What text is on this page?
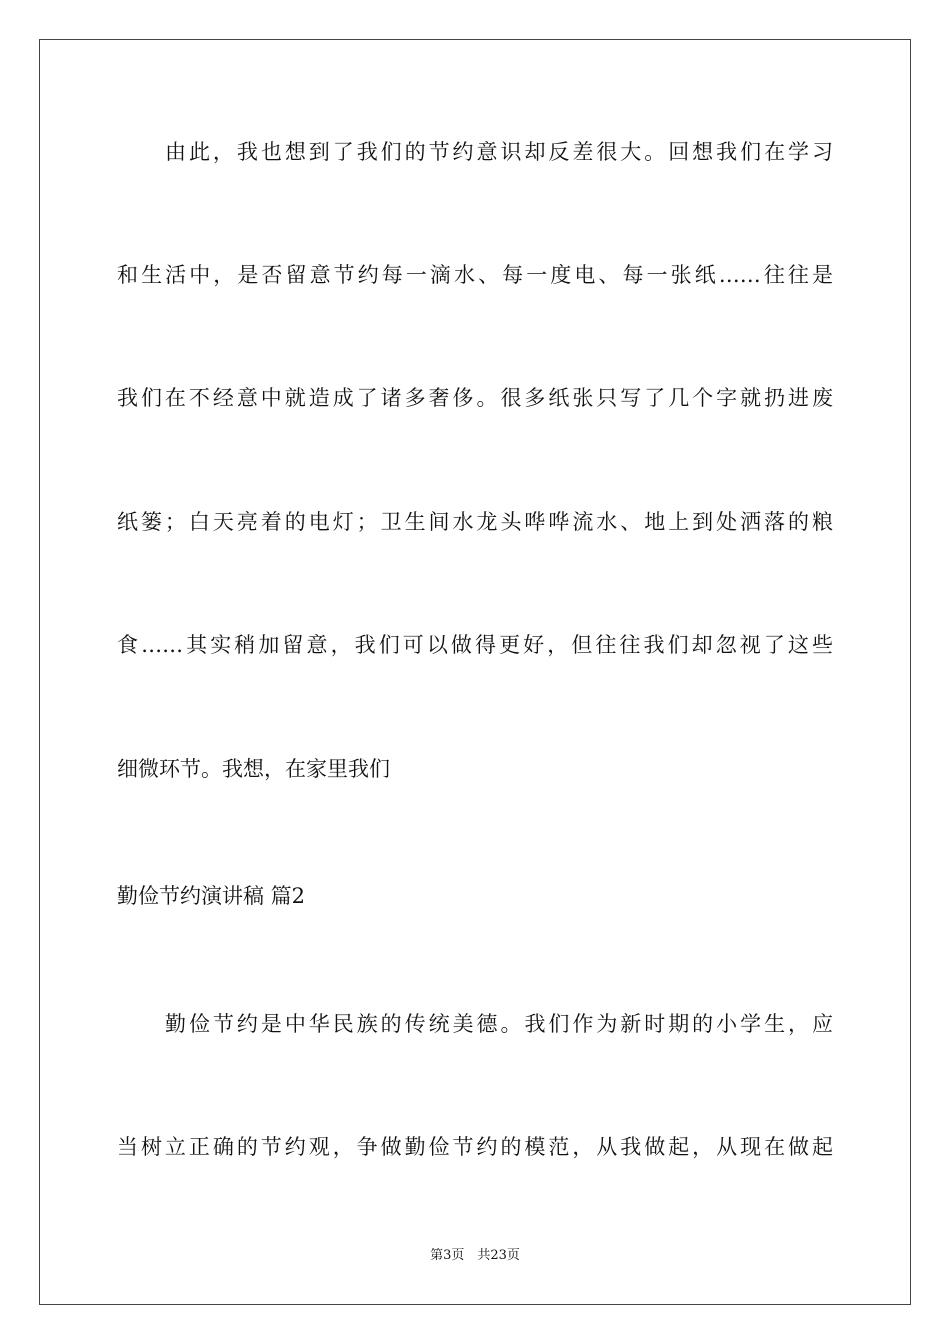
由此，我也想到了我们的节约意识却反差很大。回想我们在学习
和生活中，是否留意节约每一滴水、每一度电、每一张纸……往往是
我们在不经意中就造成了诸多奢侈。很多纸张只写了几个字就扔进废
纸篓；白天亮着的电灯；卫生间水龙头哗哗流水、地上到处洒落的粮
食……其实稍加留意，我们可以做得更好，但往往我们却忽视了这些
细微环节。我想，在家里我们
勤俭节约演讲稿 篇2
勤俭节约是中华民族的传统美德。我们作为新时期的小学生，应
当树立正确的节约观，争做勤俭节约的模范，从我做起，从现在做起
第3页　共23页
